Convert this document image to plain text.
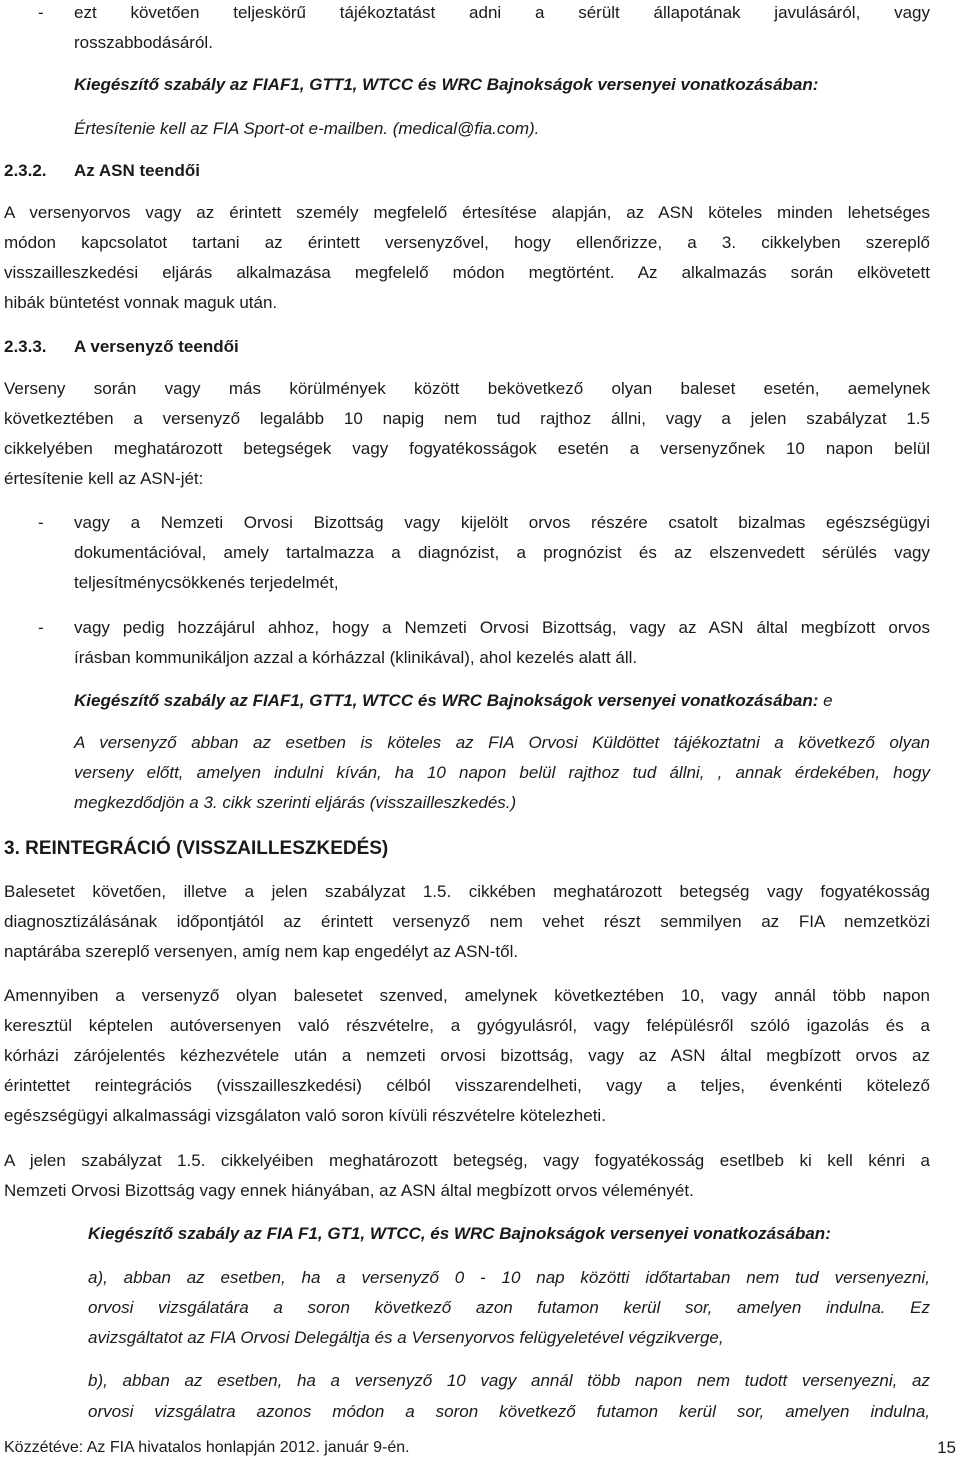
- ezt követően teljeskörű tájékoztatást adni a sérült állapotának javulásáról, vagy
rosszabbodásáról.
Kiegészítő szabály az FIAF1, GTT1, WTCC és WRC Bajnokságok versenyei vonatkozásában:
Értesítenie kell az FIA Sport-ot e-mailben. (medical@fia.com).
2.3.2. Az ASN teendői
A versenyorvos vagy az érintett személy megfelelő értesítése alapján, az ASN köteles minden lehetséges
módon kapcsolatot tartani az érintett versenyzővel, hogy ellenőrizze, a 3. cikkelyben szereplő
visszailleszkedési eljárás alkalmazása megfelelő módon megtörtént. Az alkalmazás során elkövetett
hibák büntetést vonnak maguk után.
2.3.3. A versenyző teendői
Verseny során vagy más körülmények között bekövetkező olyan baleset esetén, aemelynek
következtében a versenyző legalább 10 napig nem tud rajthoz állni, vagy a jelen szabályzat 1.5
cikkelyében meghatározott betegségek vagy fogyatékosságok esetén a versenyzőnek 10 napon belül
értesítenie kell az ASN-jét:
- vagy a Nemzeti Orvosi Bizottság vagy kijelölt orvos részére csatolt bizalmas egészségügyi
dokumentációval, amely tartalmazza a diagnózist, a prognózist és az elszenvedett sérülés vagy
teljesítménycsökkenés terjedelmét,
- vagy pedig hozzájárul ahhoz, hogy a Nemzeti Orvosi Bizottság, vagy az ASN által megbízott orvos
írásban kommunikáljon azzal a kórházzal (klinikával), ahol kezelés alatt áll.
Kiegészítő szabály az FIAF1, GTT1, WTCC és WRC Bajnokságok versenyei vonatkozásában: e
A versenyző abban az esetben is köteles az FIA Orvosi Küldöttet tájékoztatni a következő olyan
verseny előtt, amelyen indulni kíván, ha 10 napon belül rajthoz tud állni, , annak érdekében, hogy
megkezdődjön a 3. cikk szerinti eljárás (visszailleszkedés.)
3. REINTEGRÁCIÓ (VISSZAILLESZKEDÉS)
Balesetet követően, illetve a jelen szabályzat 1.5. cikkében meghatározott betegség vagy fogyatékosság
diagnosztizálásának időpontjától az érintett versenyző nem vehet részt semmilyen az FIA nemzetközi
naptárába szereplő versenyen, amíg nem kap engedélyt az ASN-től.
Amennyiben a versenyző olyan balesetet szenved, amelynek következtében 10, vagy annál több napon
keresztül képtelen autóversenyen való részvételre, a gyógyulásról, vagy felépülésről szóló igazolás és a
kórházi zárójelentés kézhezvétele után a nemzeti orvosi bizottság, vagy az ASN által megbízott orvos az
érintettet reintegrációs (visszailleszkedési) célból visszarendelheti, vagy a teljes, évenkénti kötelező
egészségügyi alkalmassági vizsgálaton való soron kívüli részvételre kötelezheti.
A jelen szabályzat 1.5. cikkelyéiben meghatározott betegség, vagy fogyatékosság esetlbeb ki kell kénri a
Nemzeti Orvosi Bizottság vagy ennek hiányában, az ASN által megbízott orvos véleményét.
Kiegészítő szabály az FIA F1, GT1, WTCC, és WRC Bajnokságok versenyei vonatkozásában:
a), abban az esetben, ha a versenyző 0 - 10 nap közötti időtartaban nem tud versenyezni,
orvosi vizsgálatára a soron következő azon futamon kerül sor, amelyen indulna. Ez
avizsgáltatot az FIA Orvosi Delegáltja és a Versenyorvos felügyeletével végzikverge,
b), abban az esetben, ha a versenyző 10 vagy annál több napon nem tudott versenyezni, az
orvosi vizsgálatra azonos módon a soron következő futamon kerül sor, amelyen indulna,
Közzétéve: Az FIA hivatalos honlapján 2012. január 9-én.	15
